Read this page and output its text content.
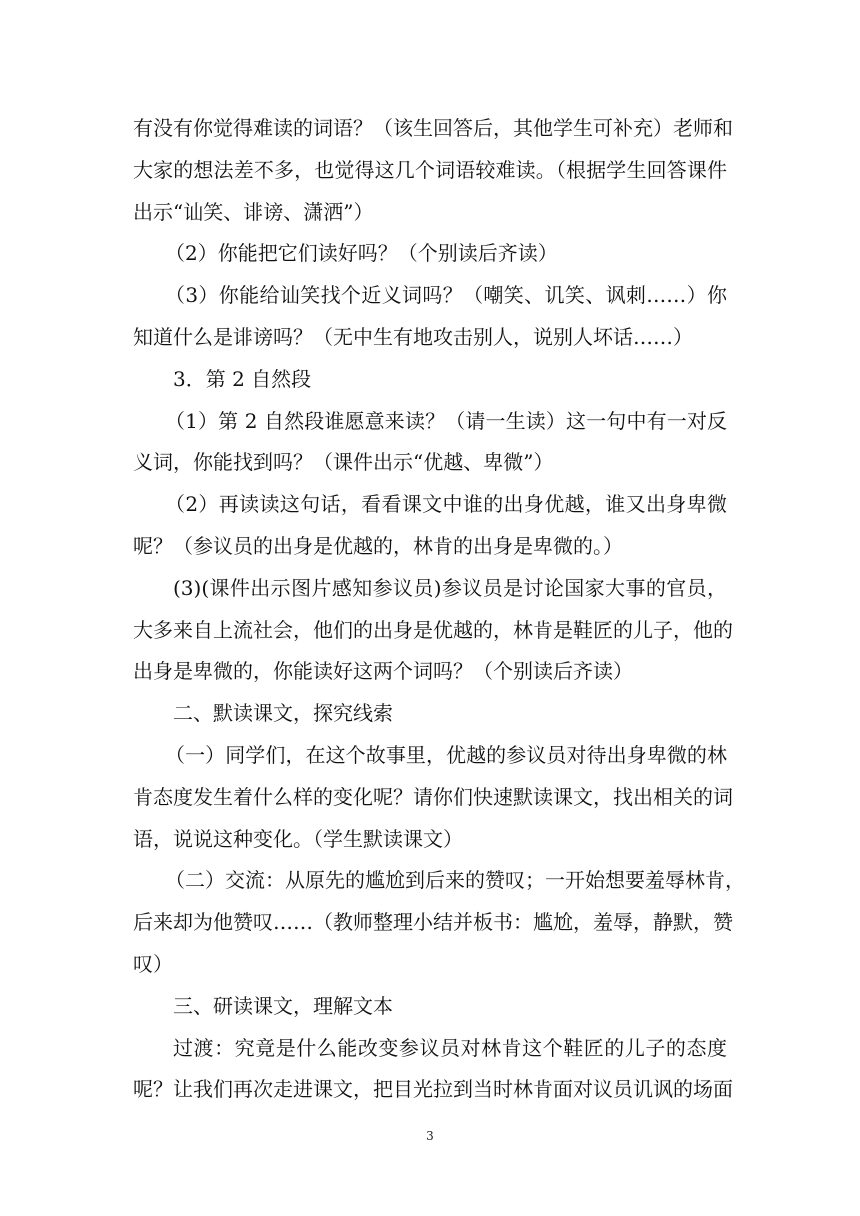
有没有你觉得难读的词语？（该生回答后，其他学生可补充）老师和
大家的想法差不多，也觉得这几个词语较难读。（根据学生回答课件
出示“讪笑、诽谤、潇洒”）
（2）你能把它们读好吗？（个别读后齐读）
（3）你能给讪笑找个近义词吗？（嘲笑、讥笑、讽刺……）你
知道什么是诽谤吗？（无中生有地攻击别人，说别人坏话……）
3．第 2 自然段
（1）第 2 自然段谁愿意来读？（请一生读）这一句中有一对反
义词，你能找到吗？（课件出示“优越、卑微”）
（2）再读读这句话，看看课文中谁的出身优越，谁又出身卑微
呢？（参议员的出身是优越的，林肯的出身是卑微的。）
(3)(课件出示图片感知参议员)参议员是讨论国家大事的官员，
大多来自上流社会，他们的出身是优越的，林肯是鞋匠的儿子，他的
出身是卑微的，你能读好这两个词吗？（个别读后齐读）
二、默读课文，探究线索
（一）同学们，在这个故事里，优越的参议员对待出身卑微的林
肯态度发生着什么样的变化呢？请你们快速默读课文，找出相关的词
语，说说这种变化。（学生默读课文）
（二）交流：从原先的尴尬到后来的赞叹；一开始想要羞辱林肯，
后来却为他赞叹……（教师整理小结并板书：尴尬，羞辱，静默，赞
叹）
三、研读课文，理解文本
过渡：究竟是什么能改变参议员对林肯这个鞋匠的儿子的态度
呢？让我们再次走进课文，把目光拉到当时林肯面对议员讥讽的场面
3
